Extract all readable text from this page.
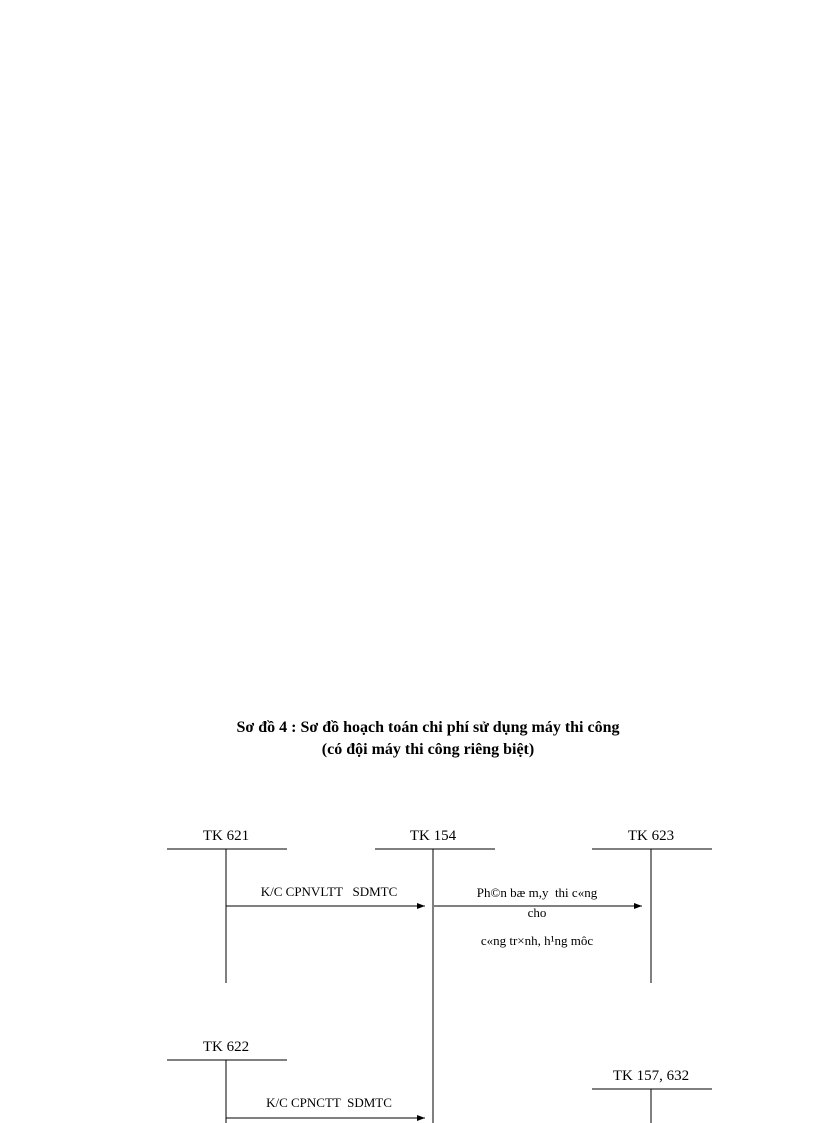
Sơ đồ 4 : Sơ đồ hoạch toán chi phí sử dụng máy thi công
(có đội máy thi công riêng biệt)
TK 621	TK 154	TK 623
TK 622
TK 157, 632
K/C CPNVLTT   SDMTC	Ph©n bæ m,y  thi c«ng
cho
c«ng tr×nh, h¹ng môc
K/C CPNCTT  SDMTC
